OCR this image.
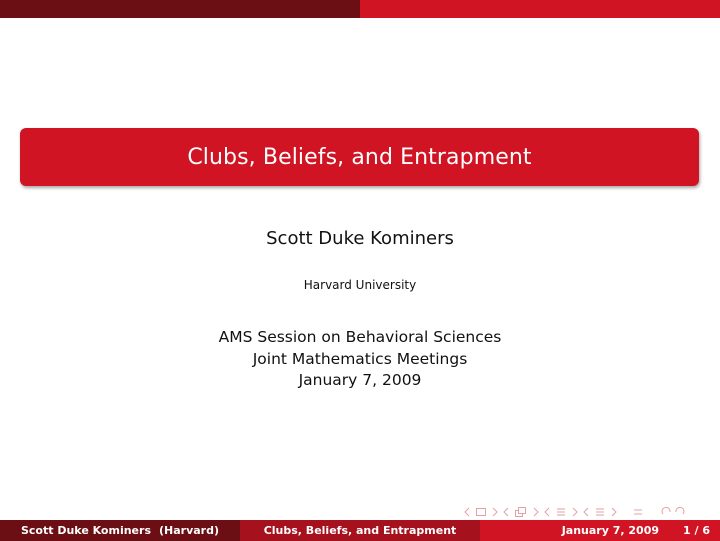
Clubs, Beliefs, and Entrapment
Scott Duke Kominers
Harvard University
AMS Session on Behavioral Sciences
Joint Mathematics Meetings
January 7, 2009
Scott Duke Kominers (Harvard)	Clubs, Beliefs, and Entrapment	January 7, 2009 1 / 6
